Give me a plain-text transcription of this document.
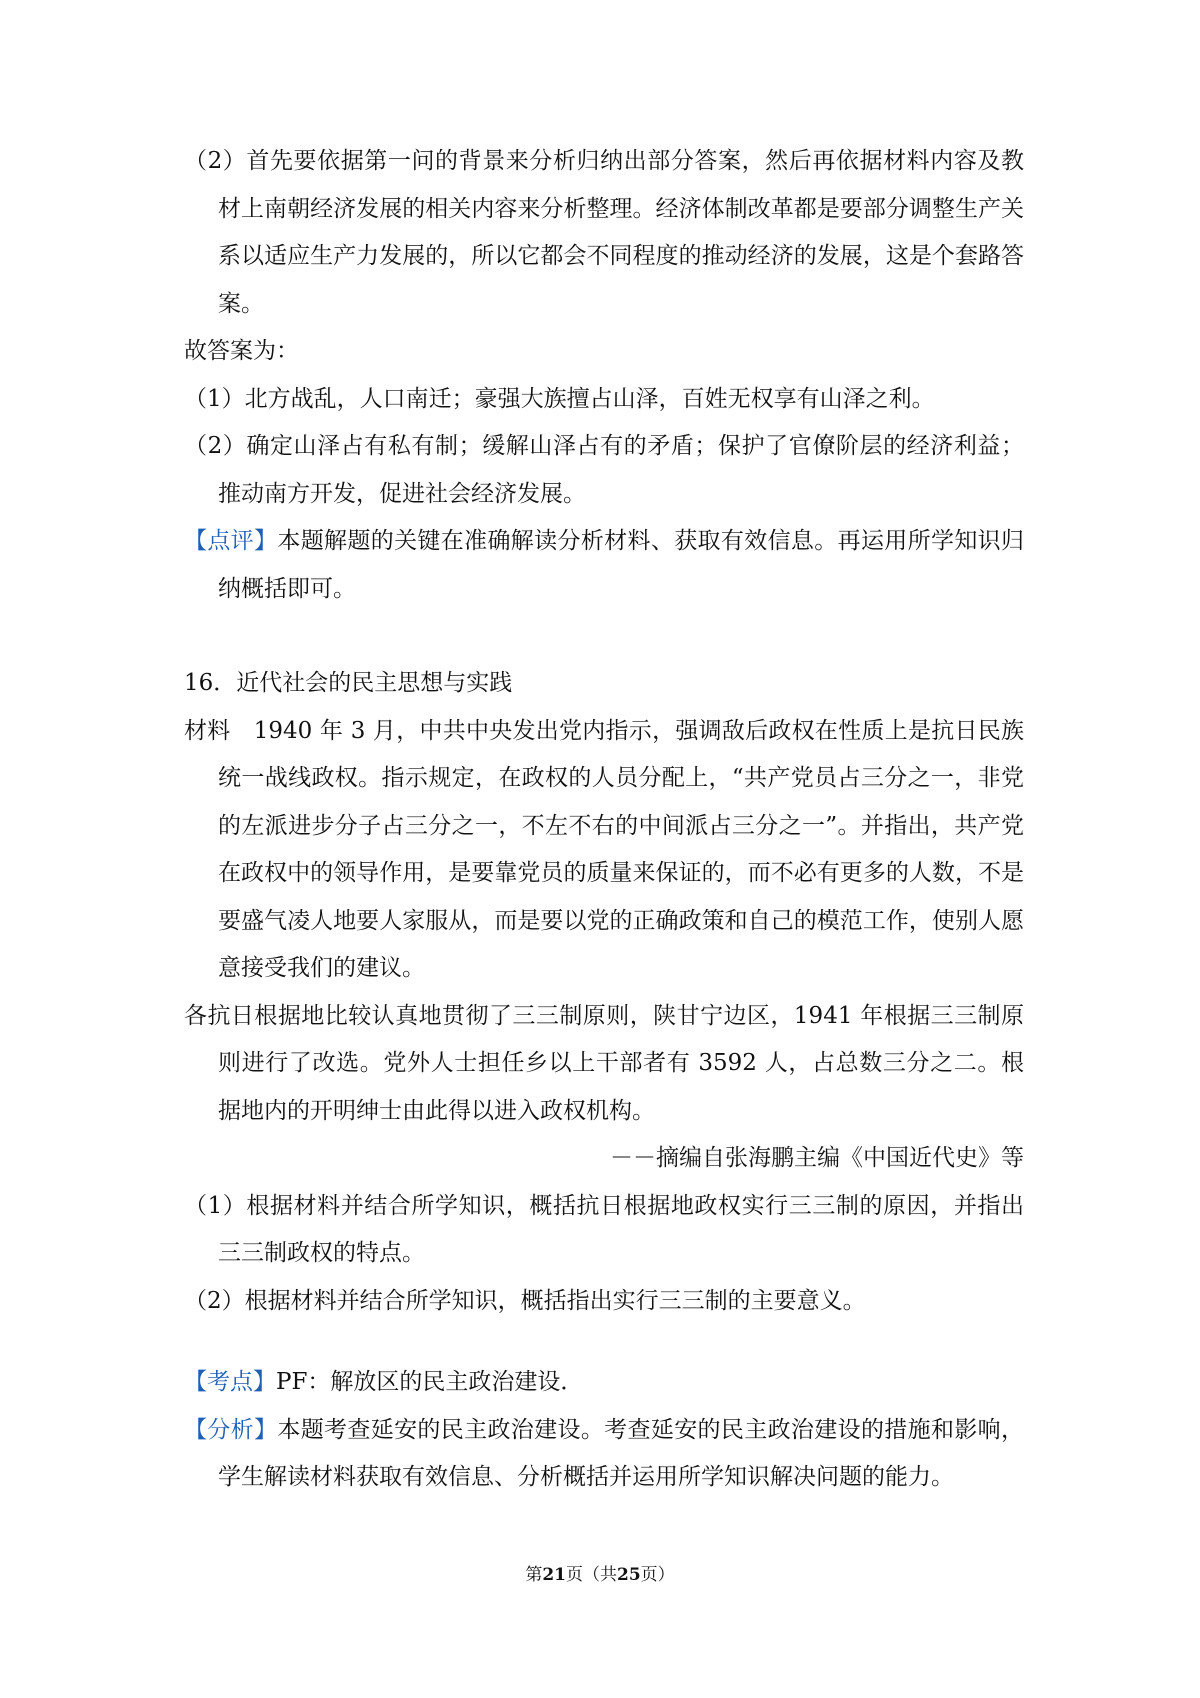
（2）首先要依据第一问的背景来分析归纳出部分答案，然后再依据材料内容及教材上南朝经济发展的相关内容来分析整理。经济体制改革都是要部分调整生产关系以适应生产力发展的，所以它都会不同程度的推动经济的发展，这是个套路答案。

故答案为：

（1）北方战乱，人口南迁；豪强大族擅占山泽，百姓无权享有山泽之利。

（2）确定山泽占有私有制；缓解山泽占有的矛盾；保护了官僚阶层的经济利益；推动南方开发，促进社会经济发展。

【点评】本题解题的关键在准确解读分析材料、获取有效信息。再运用所学知识归纳概括即可。

16．近代社会的民主思想与实践

材料　1940 年 3 月，中共中央发出党内指示，强调敌后政权在性质上是抗日民族统一战线政权。指示规定，在政权的人员分配上，“共产党员占三分之一，非党的左派进步分子占三分之一，不左不右的中间派占三分之一”。并指出，共产党在政权中的领导作用，是要靠党员的质量来保证的，而不必有更多的人数，不是要盛气凌人地要人家服从，而是要以党的正确政策和自己的模范工作，使别人愿意接受我们的建议。

各抗日根据地比较认真地贯彻了三三制原则，陕甘宁边区，1941 年根据三三制原则进行了改选。党外人士担任乡以上干部者有 3592 人，占总数三分之二。根据地内的开明绅士由此得以进入政权机构。

－－摘编自张海鹏主编《中国近代史》等

（1）根据材料并结合所学知识，概括抗日根据地政权实行三三制的原因，并指出三三制政权的特点。

（2）根据材料并结合所学知识，概括指出实行三三制的主要意义。

【考点】PF：解放区的民主政治建设．

【分析】本题考查延安的民主政治建设。考查延安的民主政治建设的措施和影响，学生解读材料获取有效信息、分析概括并运用所学知识解决问题的能力。

第21页（共25页）
